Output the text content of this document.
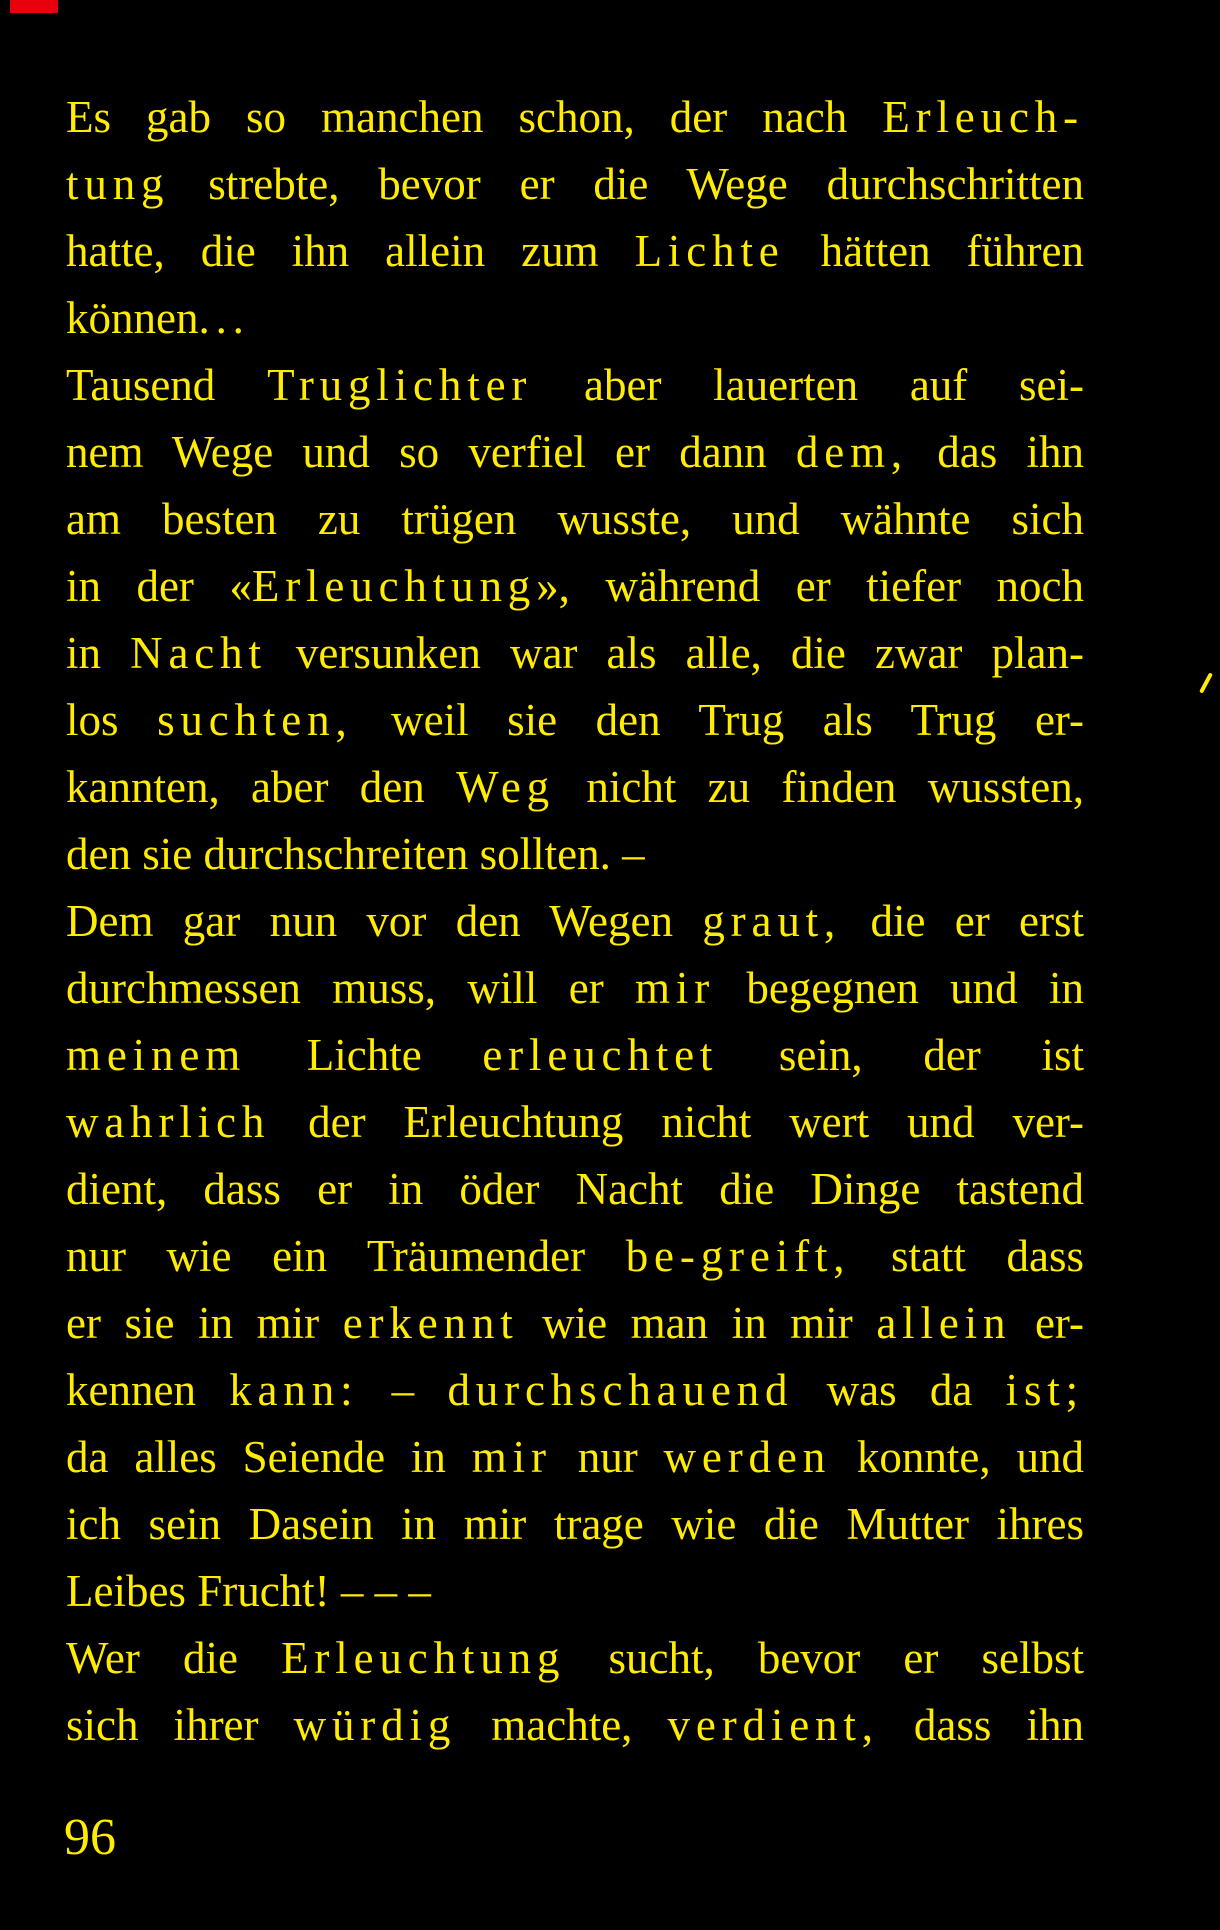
Es gab so manchen schon, der nach Erleuch-
tung strebte, bevor er die Wege durchschritten
hatte, die ihn allein zum Lichte hätten führen
können...
Tausend Truglichter aber lauerten auf sei-
nem Wege und so verfiel er dann dem, das ihn
am besten zu trügen wusste, und wähnte sich
in der «Erleuchtung», während er tiefer noch
in Nacht versunken war als alle, die zwar plan-
los suchten, weil sie den Trug als Trug er-
kannten, aber den Weg nicht zu finden wussten,
den sie durchschreiten sollten. –
Dem gar nun vor den Wegen graut, die er erst
durchmessen muss, will er mir begegnen und in
meinem Lichte erleuchtet sein, der ist
wahrlich der Erleuchtung nicht wert und ver-
dient, dass er in öder Nacht die Dinge tastend
nur wie ein Träumender be-greift, statt dass
er sie in mir erkennt wie man in mir allein er-
kennen kann: – durchschauend was da ist;
da alles Seiende in mir nur werden konnte, und
ich sein Dasein in mir trage wie die Mutter ihres
Leibes Frucht! – – –
Wer die Erleuchtung sucht, bevor er selbst
sich ihrer würdig machte, verdient, dass ihn
96
